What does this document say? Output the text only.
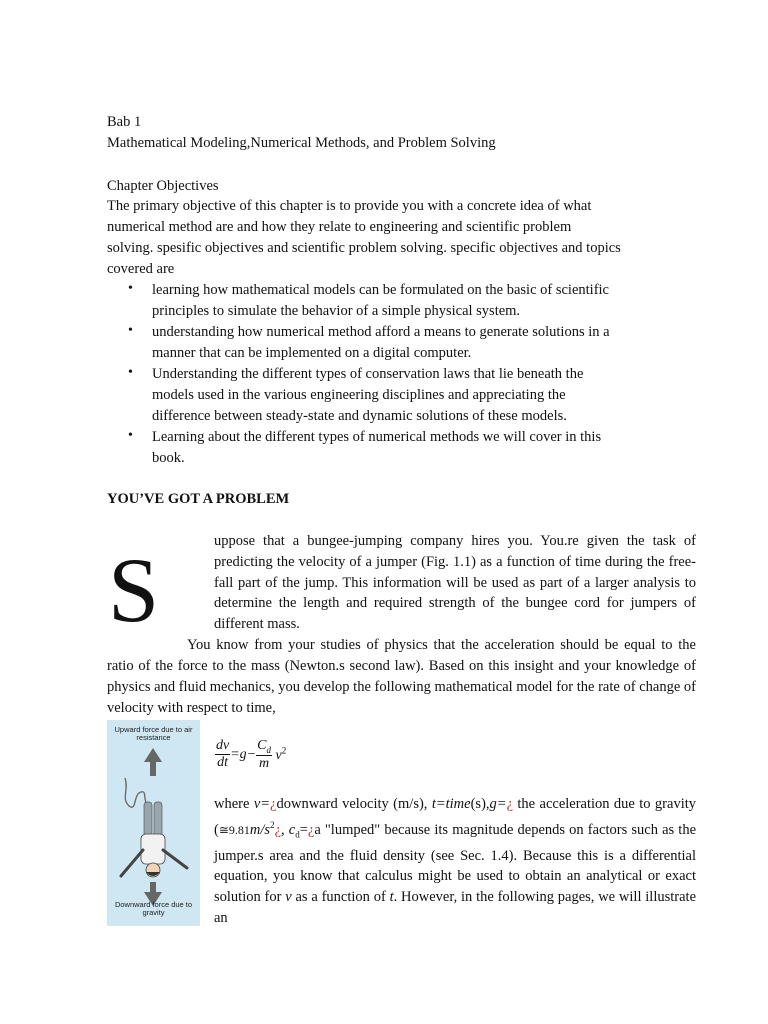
Bab 1
Mathematical Modeling,Numerical Methods, and Problem Solving
Chapter Objectives
The primary objective of this chapter is to provide you with a concrete idea of what
numerical method are and how they relate to engineering and scientific problem
solving. spesific objectives and scientific problem solving. specific objectives and topics
covered are
• learning how mathematical models can be formulated on the basic of scientific
principles to simulate the behavior of a simple physical system.
• understanding how numerical method afford a means to generate solutions in a
manner that can be implemented on a digital computer.
• Understanding the different types of conservation laws that lie beneath the
models used in the various engineering disciplines and appreciating the
difference between steady-state and dynamic solutions of these models.
• Learning about the different types of numerical methods we will cover in this
book.
YOU’VE GOT A PROBLEM
S	uppose that a bungee-jumping company hires you. You.re given the task of predicting the velocity of a jumper (Fig. 1.1) as a function of time during the free-fall part of the jump. This information will be used as part of a larger analysis to determine the length and required strength of the bungee cord for jumpers of different mass.
You know from your studies of physics that the acceleration should be equal to the ratio of the force to the mass (Newton.s second law). Based on this insight and your knowledge of physics and fluid mechanics, you develop the following mathematical model for the rate of change of velocity with respect to time,
Upward force due to air resistance
Downward force due to gravity
$\frac{dv}{dt} =g- \frac{C_d}{m} v^2$
where v=¿downward velocity (m/s), t=time(s),g=¿ the acceleration due to gravity ($≅9.81m/s^2¿$, $c_d=¿a$ "lumped" because its magnitude depends on factors such as the jumper.s area and the fluid density (see Sec. 1.4). Because this is a differential equation, you know that calculus might be used to obtain an analytical or exact solution for v as a function of t. However, in the following pages, we will illustrate an
